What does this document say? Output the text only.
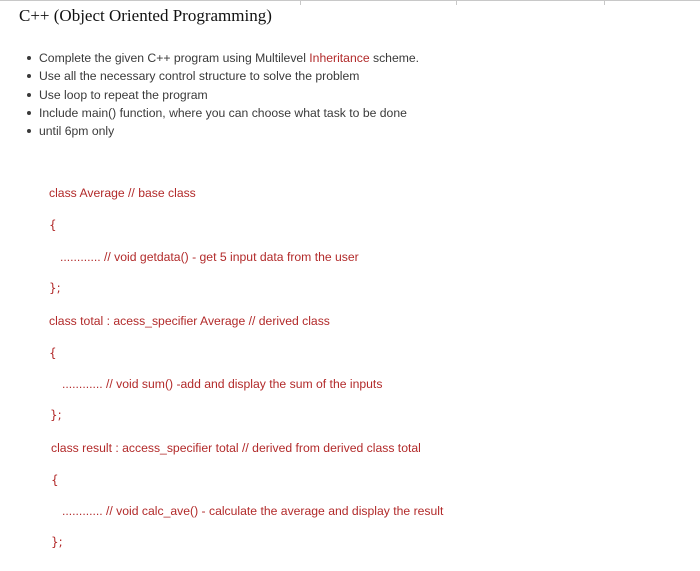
C++ (Object Oriented Programming)
Complete the given C++ program using Multilevel Inheritance scheme.
Use all the necessary control structure to solve the problem
Use loop to repeat the program
Include main() function, where you can choose what task to be done
until 6pm only
class Average // base class
{
............ // void getdata() - get 5 input data from the user
};
class total : acess_specifier Average // derived class
{
............ // void sum() -add and display the sum of the inputs
};
class result : access_specifier total // derived from derived class total
{
............ // void calc_ave() - calculate the average and display the result
};
